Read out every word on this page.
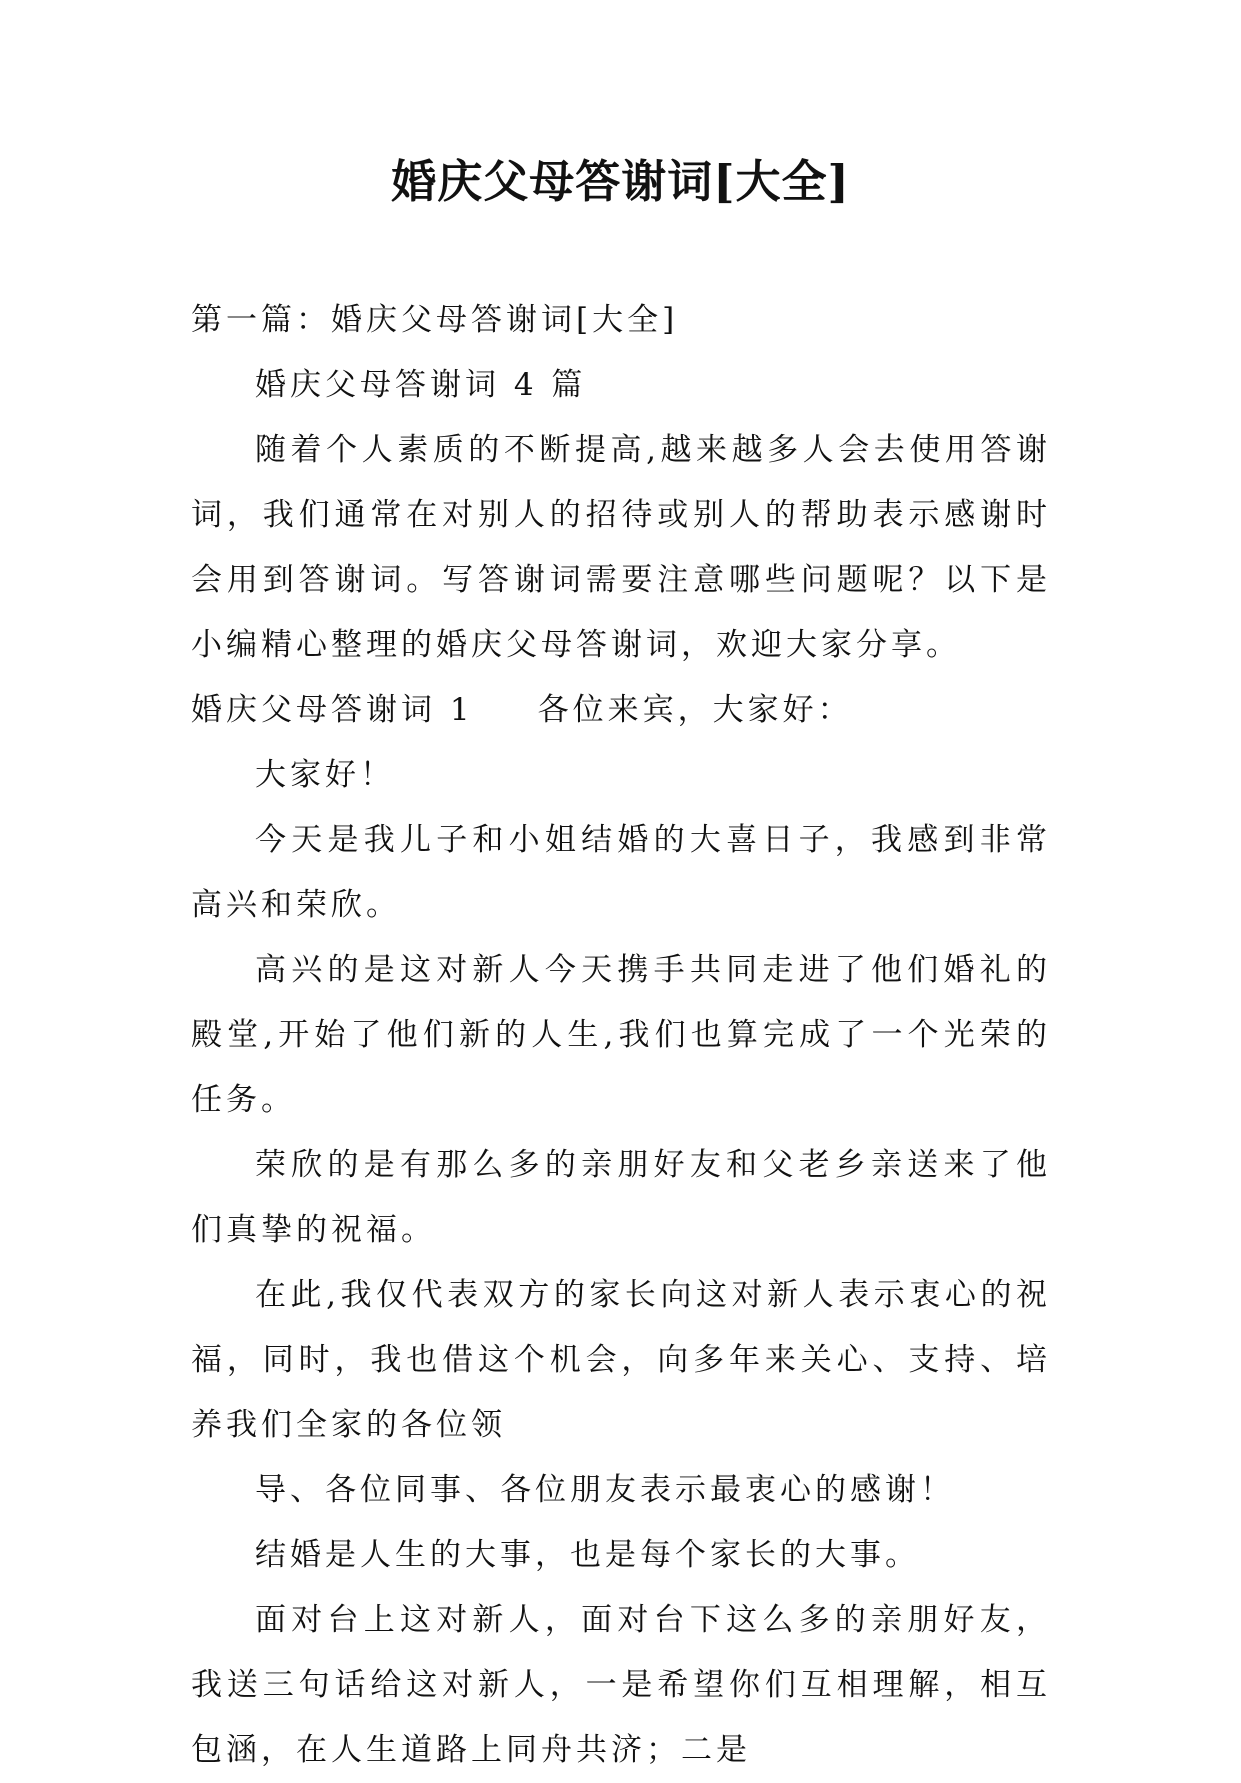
婚庆父母答谢词[大全]

第一篇：婚庆父母答谢词[大全]

婚庆父母答谢词 4 篇

随着个人素质的不断提高,越来越多人会去使用答谢词，我们通常在对别人的招待或别人的帮助表示感谢时会用到答谢词。写答谢词需要注意哪些问题呢？以下是小编精心整理的婚庆父母答谢词，欢迎大家分享。

婚庆父母答谢词 1 各位来宾，大家好：

大家好！

今天是我儿子和小姐结婚的大喜日子，我感到非常高兴和荣欣。

高兴的是这对新人今天携手共同走进了他们婚礼的殿堂,开始了他们新的人生,我们也算完成了一个光荣的任务。

荣欣的是有那么多的亲朋好友和父老乡亲送来了他们真挚的祝福。

在此,我仅代表双方的家长向这对新人表示衷心的祝福，同时，我也借这个机会，向多年来关心、支持、培养我们全家的各位领

导、各位同事、各位朋友表示最衷心的感谢！

结婚是人生的大事，也是每个家长的大事。

面对台上这对新人，面对台下这么多的亲朋好友，我送三句话给这对新人，一是希望你们互相理解，相互包涵，在人生道路上同舟共济；二是
